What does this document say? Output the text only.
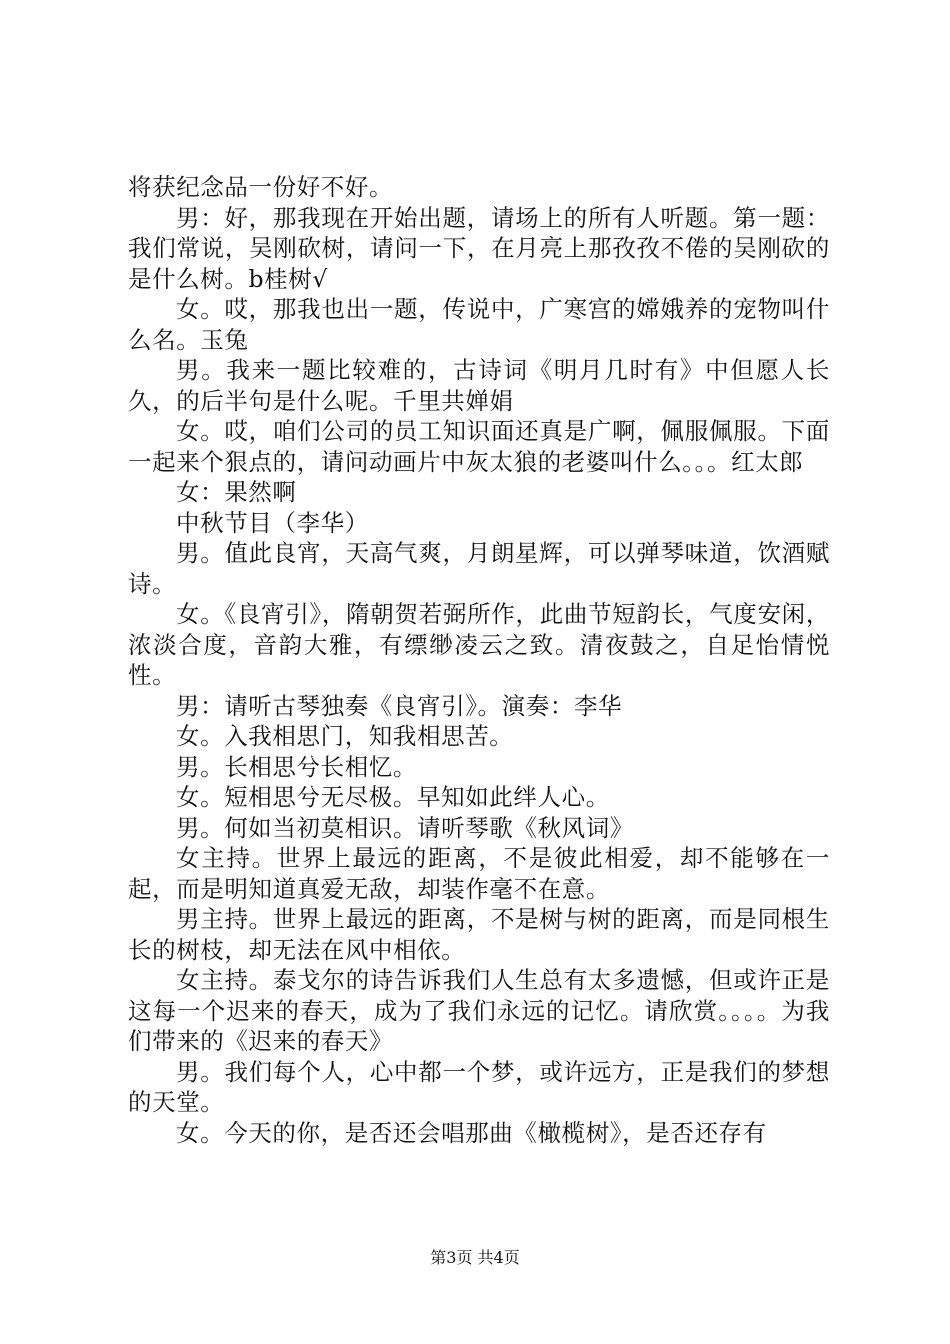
将获纪念品一份好不好。

男：好，那我现在开始出题，请场上的所有人听题。第一题：我们常说，吴刚砍树，请问一下，在月亮上那孜孜不倦的吴刚砍的是什么树。b桂树√

女。哎，那我也出一题，传说中，广寒宫的嫦娥养的宠物叫什么名。玉兔

男。我来一题比较难的，古诗词《明月几时有》中但愿人长久，的后半句是什么呢。千里共婵娟

女。哎，咱们公司的员工知识面还真是广啊，佩服佩服。下面一起来个狠点的，请问动画片中灰太狼的老婆叫什么。。。红太郎

女：果然啊

中秋节目（李华）

男。值此良宵，天高气爽，月朗星辉，可以弹琴味道，饮酒赋诗。

女。《良宵引》，隋朝贺若弼所作，此曲节短韵长，气度安闲，浓淡合度，音韵大雅，有缥缈凌云之致。清夜鼓之，自足怡情悦性。

男：请听古琴独奏《良宵引》。演奏：李华

女。入我相思门，知我相思苦。

男。长相思兮长相忆。

女。短相思兮无尽极。早知如此绊人心。

男。何如当初莫相识。请听琴歌《秋风词》

女主持。世界上最远的距离，不是彼此相爱，却不能够在一起，而是明知道真爱无敌，却装作毫不在意。

男主持。世界上最远的距离，不是树与树的距离，而是同根生长的树枝，却无法在风中相依。

女主持。泰戈尔的诗告诉我们人生总有太多遗憾，但或许正是这每一个迟来的春天，成为了我们永远的记忆。请欣赏。。。。为我们带来的《迟来的春天》

男。我们每个人，心中都一个梦，或许远方，正是我们的梦想的天堂。

女。今天的你，是否还会唱那曲《橄榄树》，是否还存有

第3页 共4页
